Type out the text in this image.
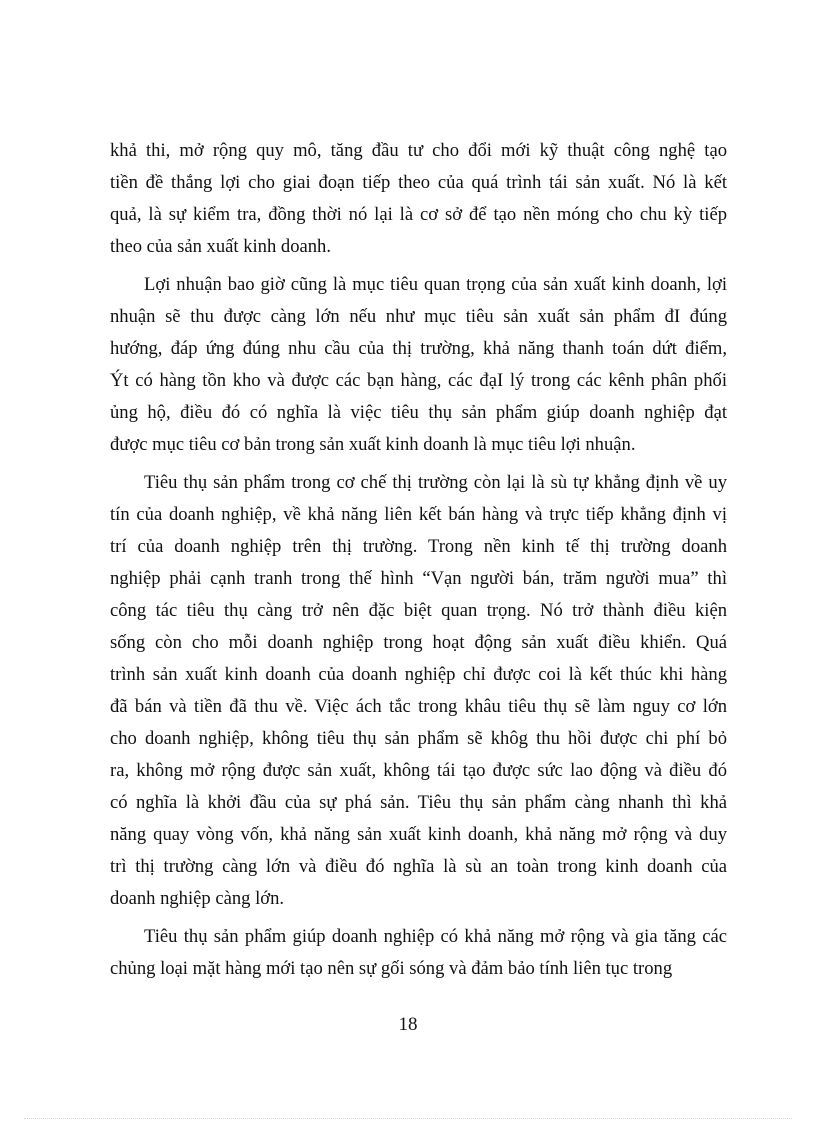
khả thi, mở rộng quy mô, tăng đầu tư cho đổi mới kỹ thuật công nghệ tạo
tiền đề thắng lợi cho giai đoạn tiếp theo của quá trình tái sản xuất. Nó là kết
quả, là sự kiểm tra, đồng thời nó lại là cơ sở để tạo nền móng cho chu kỳ tiếp
theo của sản xuất kinh doanh.

Lợi nhuận bao giờ cũng là mục tiêu quan trọng của sản xuất kinh doanh, lợi
nhuận sẽ thu được càng lớn nếu như mục tiêu sản xuất sản phẩm đI đúng
hướng, đáp ứng đúng nhu cầu của thị trường, khả năng thanh toán dứt điểm,
Ýt có hàng tồn kho và được các bạn hàng, các đạI lý trong các kênh phân phối
ủng hộ, điều đó có nghĩa là việc tiêu thụ sản phẩm giúp doanh nghiệp đạt
được mục tiêu cơ bản trong sản xuất kinh doanh là mục tiêu lợi nhuận.

Tiêu thụ sản phẩm trong cơ chế thị trường còn lại là sù tự khẳng định về uy
tín của doanh nghiệp, về khả năng liên kết bán hàng và trực tiếp khẳng định vị
trí của doanh nghiệp trên thị trường. Trong nền kinh tế thị trường doanh
nghiệp phải cạnh tranh trong thế hình “Vạn người bán, trăm người mua” thì
công tác tiêu thụ càng trở nên đặc biệt quan trọng. Nó trở thành điều kiện
sống còn cho mỗi doanh nghiệp trong hoạt động sản xuất điều khiển. Quá
trình sản xuất kinh doanh của doanh nghiệp chỉ được coi là kết thúc khi hàng
đã bán và tiền đã thu về. Việc ách tắc trong khâu tiêu thụ sẽ làm nguy cơ lớn
cho doanh nghiệp, không tiêu thụ sản phẩm sẽ khôg thu hồi được chi phí bỏ
ra, không mở rộng được sản xuất, không tái tạo được sức lao động và điều đó
có nghĩa là khởi đầu của sự phá sản. Tiêu thụ sản phẩm càng nhanh thì khả
năng quay vòng vốn, khả năng sản xuất kinh doanh, khả năng mở rộng và duy
trì thị trường càng lớn và điều đó nghĩa là sù an toàn trong kinh doanh của
doanh nghiệp càng lớn.

Tiêu thụ sản phẩm giúp doanh nghiệp có khả năng mở rộng và gia tăng các
chủng loại mặt hàng mới tạo nên sự gối sóng và đảm bảo tính liên tục trong

18
